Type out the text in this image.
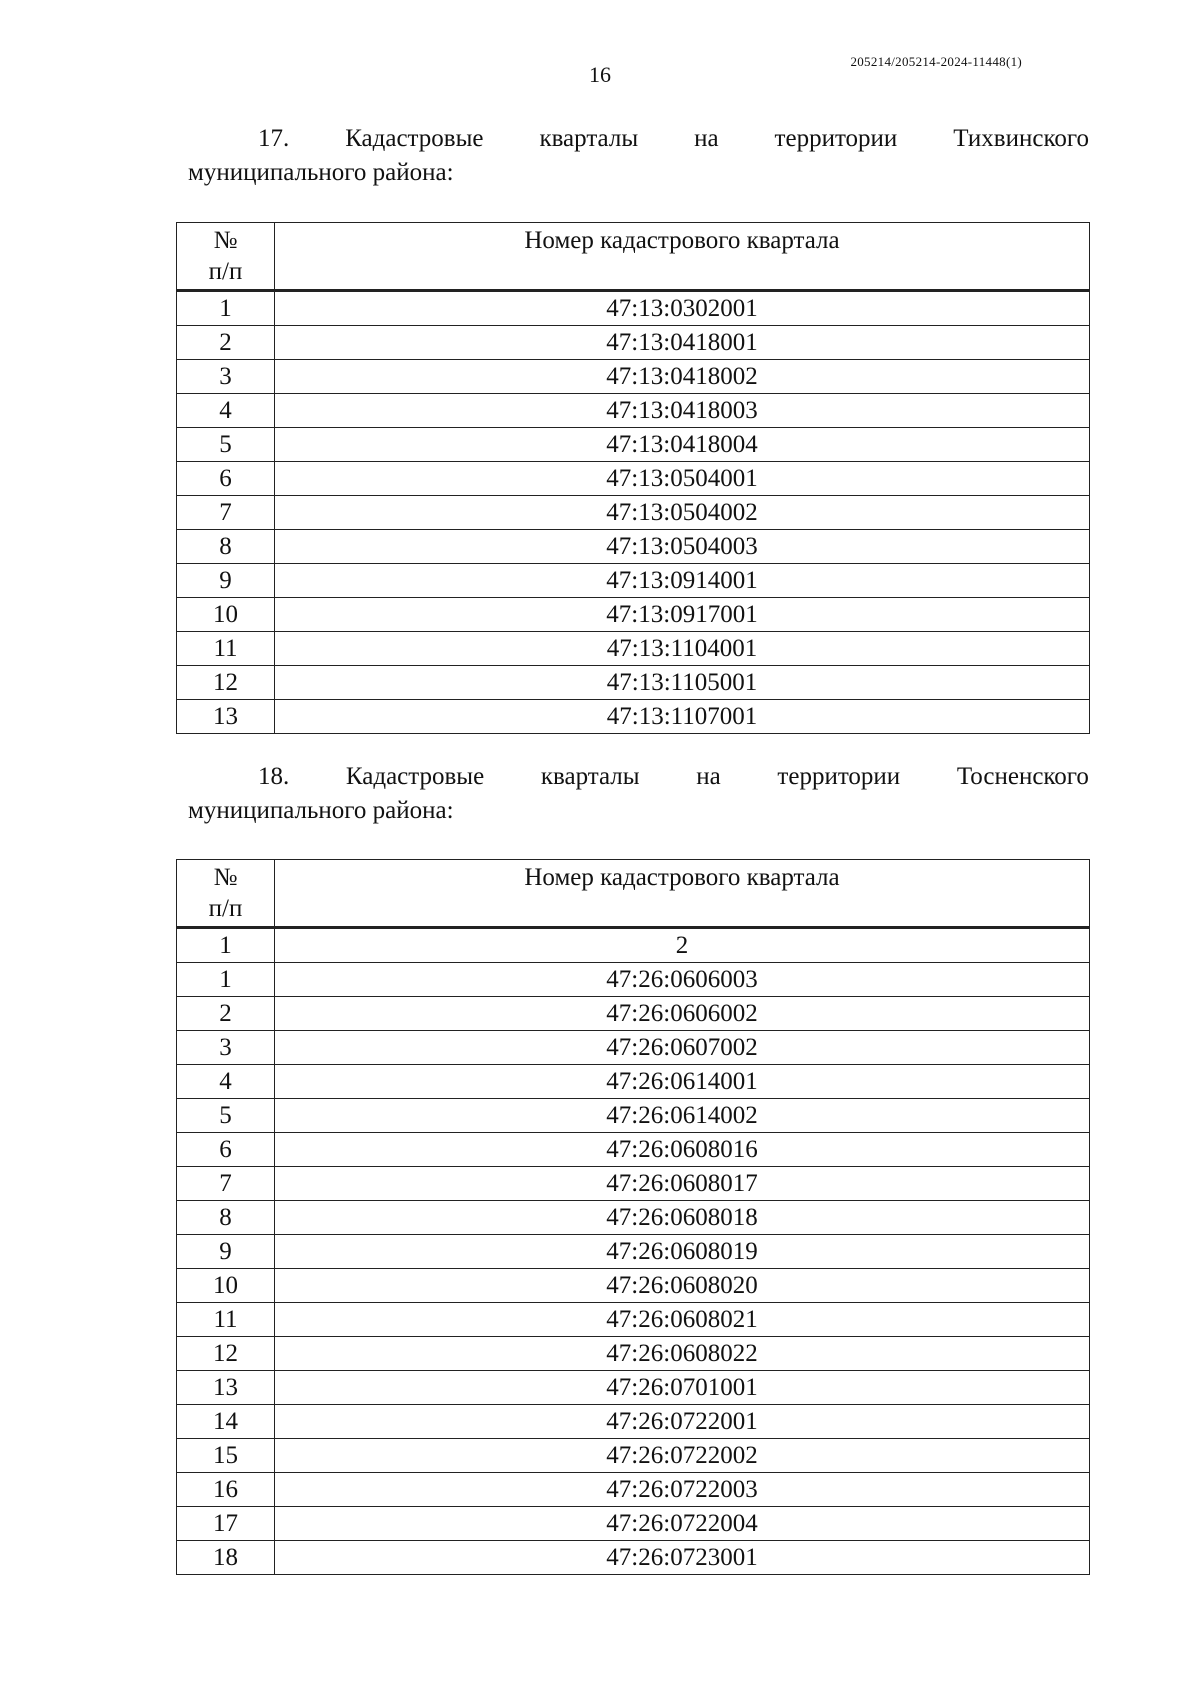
16
205214/205214-2024-11448(1)
17. Кадастровые кварталы на территории Тихвинского
муниципального района:
№
п/п	Номер кадастрового квартала
1	47:13:0302001
2	47:13:0418001
3	47:13:0418002
4	47:13:0418003
5	47:13:0418004
6	47:13:0504001
7	47:13:0504002
8	47:13:0504003
9	47:13:0914001
10	47:13:0917001
11	47:13:1104001
12	47:13:1105001
13	47:13:1107001
18. Кадастровые кварталы на территории Тосненского
муниципального района:
№
п/п	Номер кадастрового квартала
1	2
1	47:26:0606003
2	47:26:0606002
3	47:26:0607002
4	47:26:0614001
5	47:26:0614002
6	47:26:0608016
7	47:26:0608017
8	47:26:0608018
9	47:26:0608019
10	47:26:0608020
11	47:26:0608021
12	47:26:0608022
13	47:26:0701001
14	47:26:0722001
15	47:26:0722002
16	47:26:0722003
17	47:26:0722004
18	47:26:0723001
